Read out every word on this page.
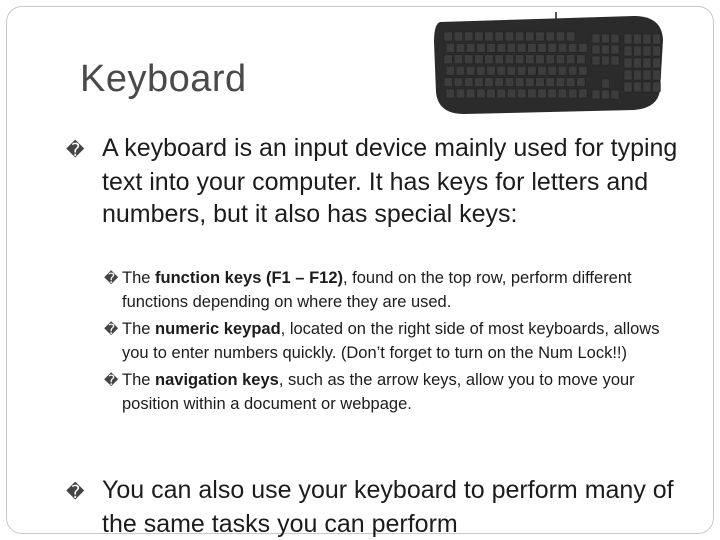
Keyboard
� A keyboard is an input device mainly used for typing text into your computer. It has keys for letters and numbers, but it also has special keys:
� The function keys (F1 – F12), found on the top row, perform different functions depending on where they are used.
� The numeric keypad, located on the right side of most keyboards, allows you to enter numbers quickly. (Don’t forget to turn on the Num Lock!!)
� The navigation keys, such as the arrow keys, allow you to move your position within a document or webpage.
� You can also use your keyboard to perform many of the same tasks you can perform
